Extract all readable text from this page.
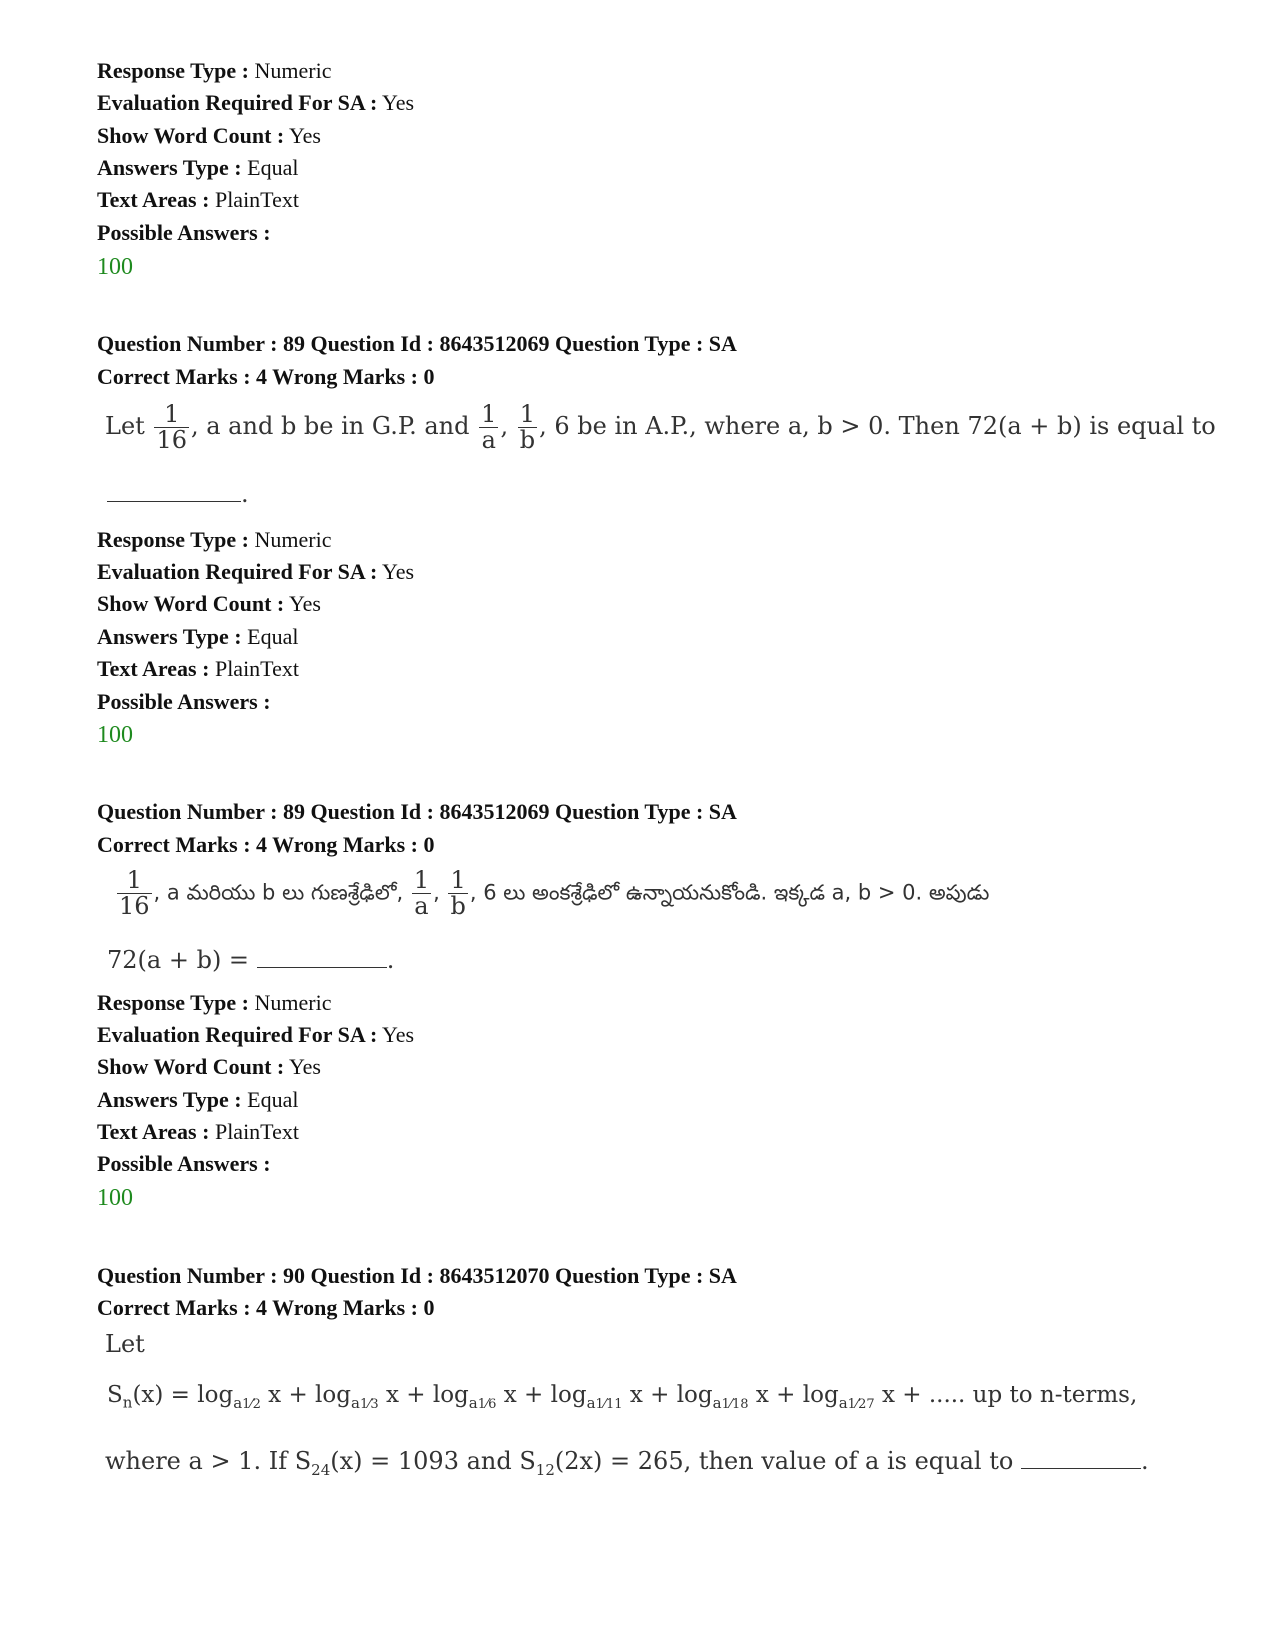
Response Type : Numeric
Evaluation Required For SA : Yes
Show Word Count : Yes
Answers Type : Equal
Text Areas : PlainText
Possible Answers :
100
Question Number : 89 Question Id : 8643512069 Question Type : SA
Correct Marks : 4 Wrong Marks : 0
Let $\frac{1}{16}$ , a and b be in G.P. and $\frac{1}{a}$ , $\frac{1}{b}$ , 6 be in A.P., where a, b > 0. Then 72(a + b) is equal to
.
Response Type : Numeric
Evaluation Required For SA : Yes
Show Word Count : Yes
Answers Type : Equal
Text Areas : PlainText
Possible Answers :
100
Question Number : 89 Question Id : 8643512069 Question Type : SA
Correct Marks : 4 Wrong Marks : 0
$\frac{1}{16}$ , a మరియు b లు గుణశ్రేఢిలో, $\frac{1}{a}$ , $\frac{1}{b}$ , 6 లు అంకశ్రేఢిలో ఉన్నాయనుకోండి. ఇక్కడ a, b > 0. అపుడు
72(a + b) =	.
Response Type : Numeric
Evaluation Required For SA : Yes
Show Word Count : Yes
Answers Type : Equal
Text Areas : PlainText
Possible Answers :
100
Question Number : 90 Question Id : 8643512070 Question Type : SA
Correct Marks : 4 Wrong Marks : 0
Let
$S_n(x) = \log_{a1⁄2} x + \log_{a1⁄3} x + \log_{a1⁄6} x + \log_{a1⁄11} x + \log_{a1⁄18} x + \log_{a1⁄27} x$ + ..... up to n-terms,
where a > 1. If $S_{24}(x) = 1093$ and $S_{12}(2x) = 265$, then value of a is equal to	.
